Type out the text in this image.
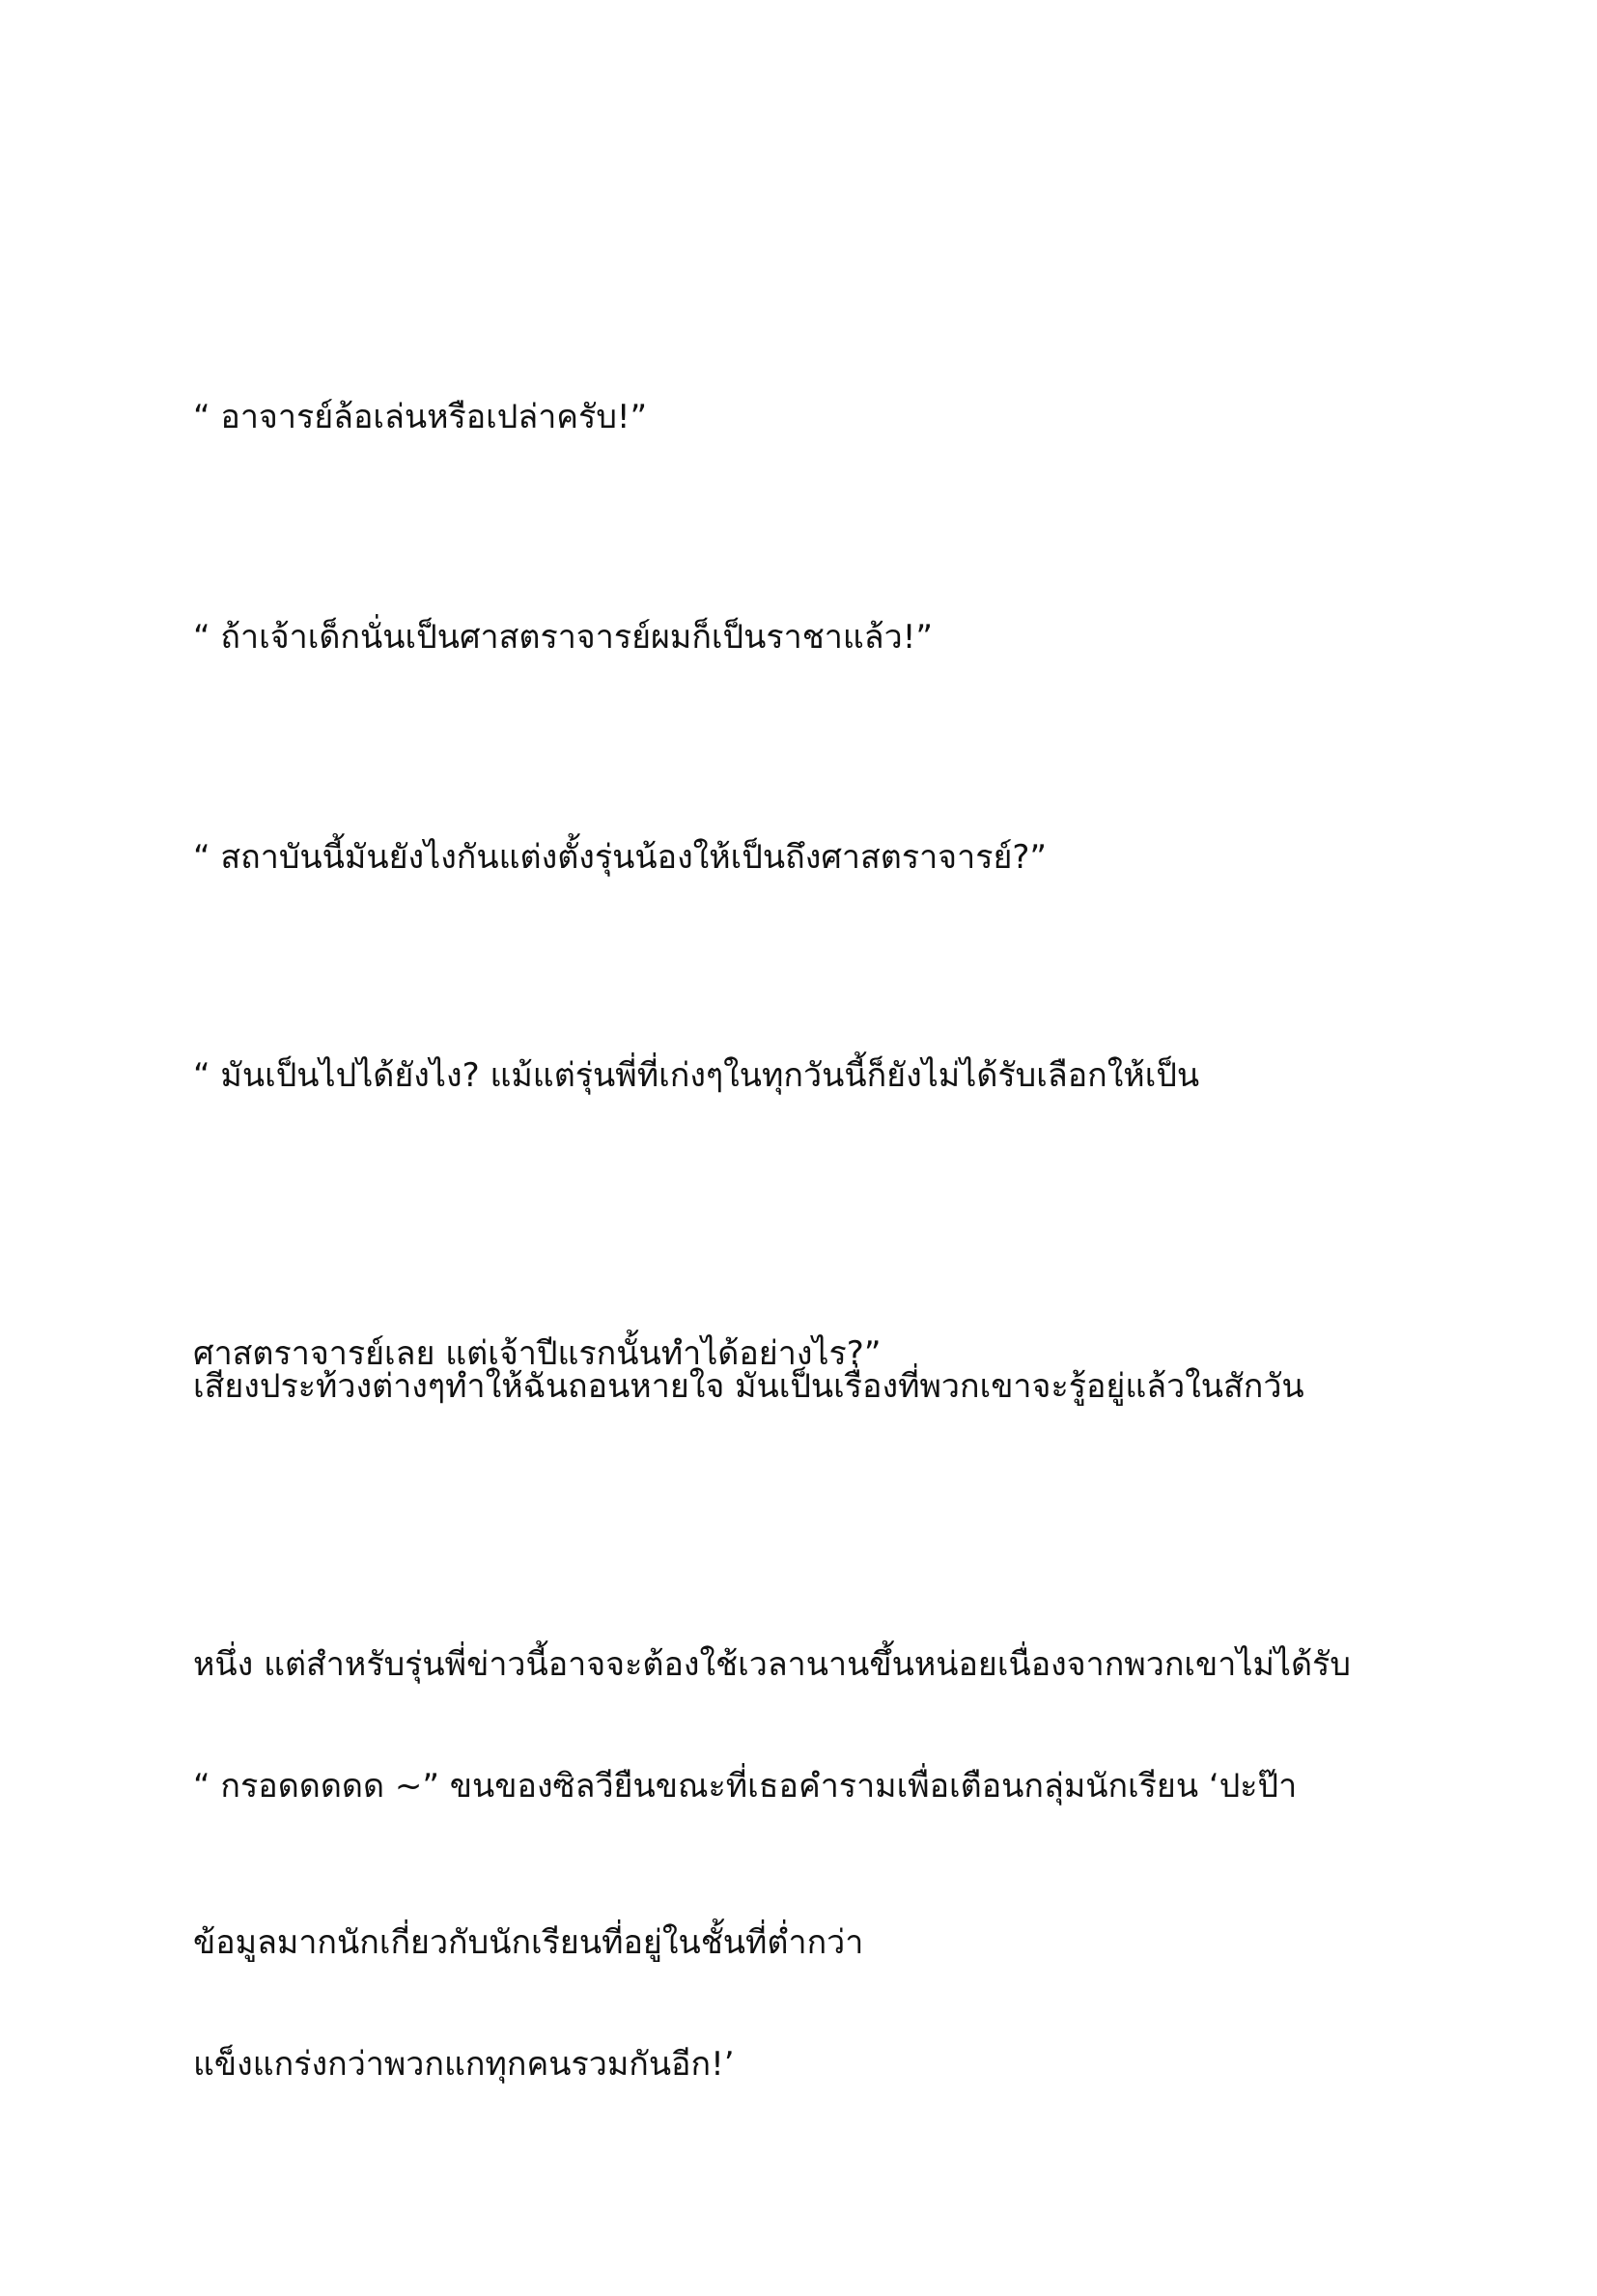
“ อาจารย์ล้อเล่นหรือเปล่าครับ!”

“ ถ้าเจ้าเด็กนั่นเป็นศาสตราจารย์ผมก็เป็นราชาแล้ว!”

“ สถาบันนี้มันยังไงกันแต่งตั้งรุ่นน้องให้เป็นถึงศาสตราจารย์?”

“ มันเป็นไปได้ยังไง? แม้แต่รุ่นพี่ที่เก่งๆในทุกวันนี้ก็ยังไม่ได้รับเลือกให้เป็น

ศาสตราจารย์เลย แต่เจ้าปีแรกนั้นทำได้อย่างไร?”

เสียงประท้วงต่างๆทำให้ฉันถอนหายใจ มันเป็นเรื่องที่พวกเขาจะรู้อยู่แล้วในสักวัน

หนึ่ง แต่สำหรับรุ่นพี่ข่าวนี้อาจจะต้องใช้เวลานานขึ้นหน่อยเนื่องจากพวกเขาไม่ได้รับ

ข้อมูลมากนักเกี่ยวกับนักเรียนที่อยู่ในชั้นที่ต่ำกว่า

“ กรอดดดดด ~” ขนของซิลวียืนขณะที่เธอคำรามเพื่อเตือนกลุ่มนักเรียน ‘ปะป๊า

แข็งแกร่งกว่าพวกแกทุกคนรวมกันอีก!’
